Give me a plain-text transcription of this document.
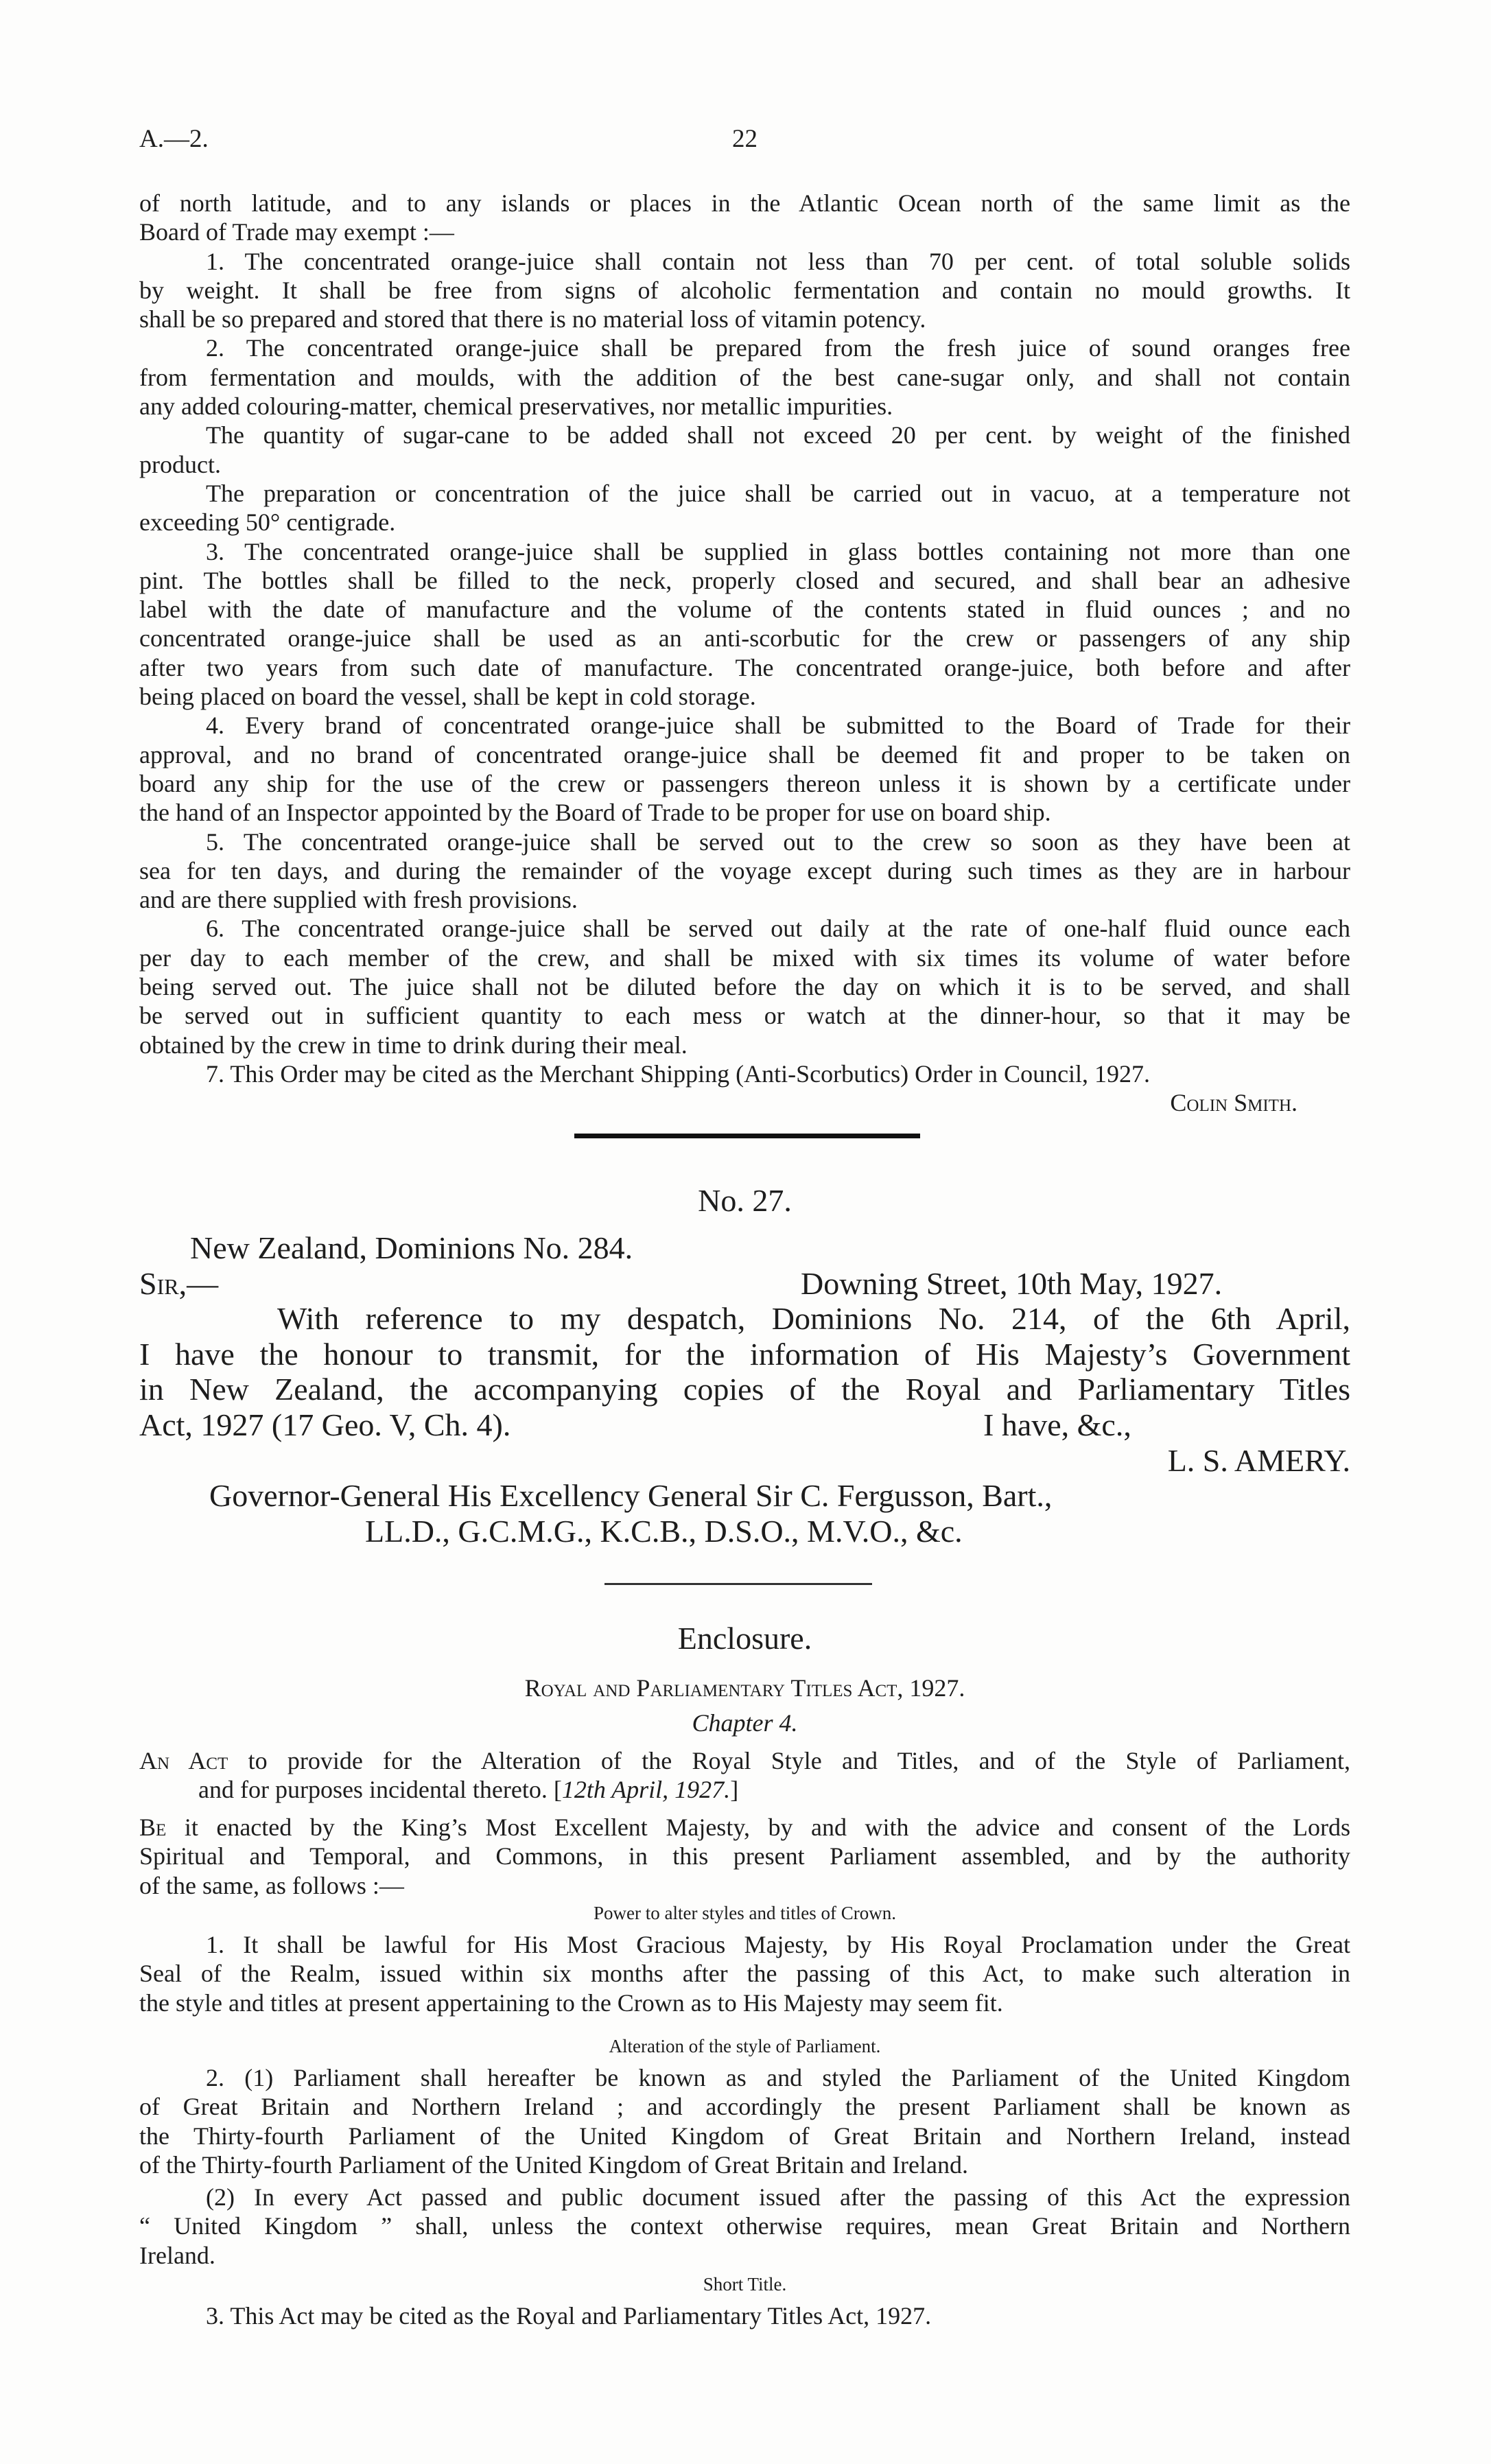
A.—2.	22
of north latitude, and to any islands or places in the Atlantic Ocean north of the same limit as the
Board of Trade may exempt :—
1. The concentrated orange-juice shall contain not less than 70 per cent. of total soluble solids
by weight. It shall be free from signs of alcoholic fermentation and contain no mould growths. It
shall be so prepared and stored that there is no material loss of vitamin potency.
2. The concentrated orange-juice shall be prepared from the fresh juice of sound oranges free
from fermentation and moulds, with the addition of the best cane-sugar only, and shall not contain
any added colouring-matter, chemical preservatives, nor metallic impurities.
The quantity of sugar-cane to be added shall not exceed 20 per cent. by weight of the finished
product.
The preparation or concentration of the juice shall be carried out in vacuo, at a temperature not
exceeding 50° centigrade.
3. The concentrated orange-juice shall be supplied in glass bottles containing not more than one
pint. The bottles shall be filled to the neck, properly closed and secured, and shall bear an adhesive
label with the date of manufacture and the volume of the contents stated in fluid ounces ; and no
concentrated orange-juice shall be used as an anti-scorbutic for the crew or passengers of any ship
after two years from such date of manufacture. The concentrated orange-juice, both before and after
being placed on board the vessel, shall be kept in cold storage.
4. Every brand of concentrated orange-juice shall be submitted to the Board of Trade for their
approval, and no brand of concentrated orange-juice shall be deemed fit and proper to be taken on
board any ship for the use of the crew or passengers thereon unless it is shown by a certificate under
the hand of an Inspector appointed by the Board of Trade to be proper for use on board ship.
5. The concentrated orange-juice shall be served out to the crew so soon as they have been at
sea for ten days, and during the remainder of the voyage except during such times as they are in harbour
and are there supplied with fresh provisions.
6. The concentrated orange-juice shall be served out daily at the rate of one-half fluid ounce each
per day to each member of the crew, and shall be mixed with six times its volume of water before
being served out. The juice shall not be diluted before the day on which it is to be served, and shall
be served out in sufficient quantity to each mess or watch at the dinner-hour, so that it may be
obtained by the crew in time to drink during their meal.
7. This Order may be cited as the Merchant Shipping (Anti-Scorbutics) Order in Council, 1927.
Colin Smith.
No. 27.
New Zealand, Dominions No. 284.
Sir,—	Downing Street, 10th May, 1927.
With reference to my despatch, Dominions No. 214, of the 6th April,
I have the honour to transmit, for the information of His Majesty’s Government
in New Zealand, the accompanying copies of the Royal and Parliamentary Titles
Act, 1927 (17 Geo. V, Ch. 4).	I have, &c.,
L. S. AMERY.
Governor-General His Excellency General Sir C. Fergusson, Bart.,
LL.D., G.C.M.G., K.C.B., D.S.O., M.V.O., &c.
Enclosure.
Royal and Parliamentary Titles Act, 1927.
Chapter 4.
An Act to provide for the Alteration of the Royal Style and Titles, and of the Style of Parliament,
and for purposes incidental thereto. [12th April, 1927.]
Be it enacted by the King’s Most Excellent Majesty, by and with the advice and consent of the Lords
Spiritual and Temporal, and Commons, in this present Parliament assembled, and by the authority
of the same, as follows :—
Power to alter styles and titles of Crown.
1. It shall be lawful for His Most Gracious Majesty, by His Royal Proclamation under the Great
Seal of the Realm, issued within six months after the passing of this Act, to make such alteration in
the style and titles at present appertaining to the Crown as to His Majesty may seem fit.
Alteration of the style of Parliament.
2. (1) Parliament shall hereafter be known as and styled the Parliament of the United Kingdom
of Great Britain and Northern Ireland ; and accordingly the present Parliament shall be known as
the Thirty-fourth Parliament of the United Kingdom of Great Britain and Northern Ireland, instead
of the Thirty-fourth Parliament of the United Kingdom of Great Britain and Ireland.
(2) In every Act passed and public document issued after the passing of this Act the expression
“ United Kingdom ” shall, unless the context otherwise requires, mean Great Britain and Northern
Ireland.
Short Title.
3. This Act may be cited as the Royal and Parliamentary Titles Act, 1927.
